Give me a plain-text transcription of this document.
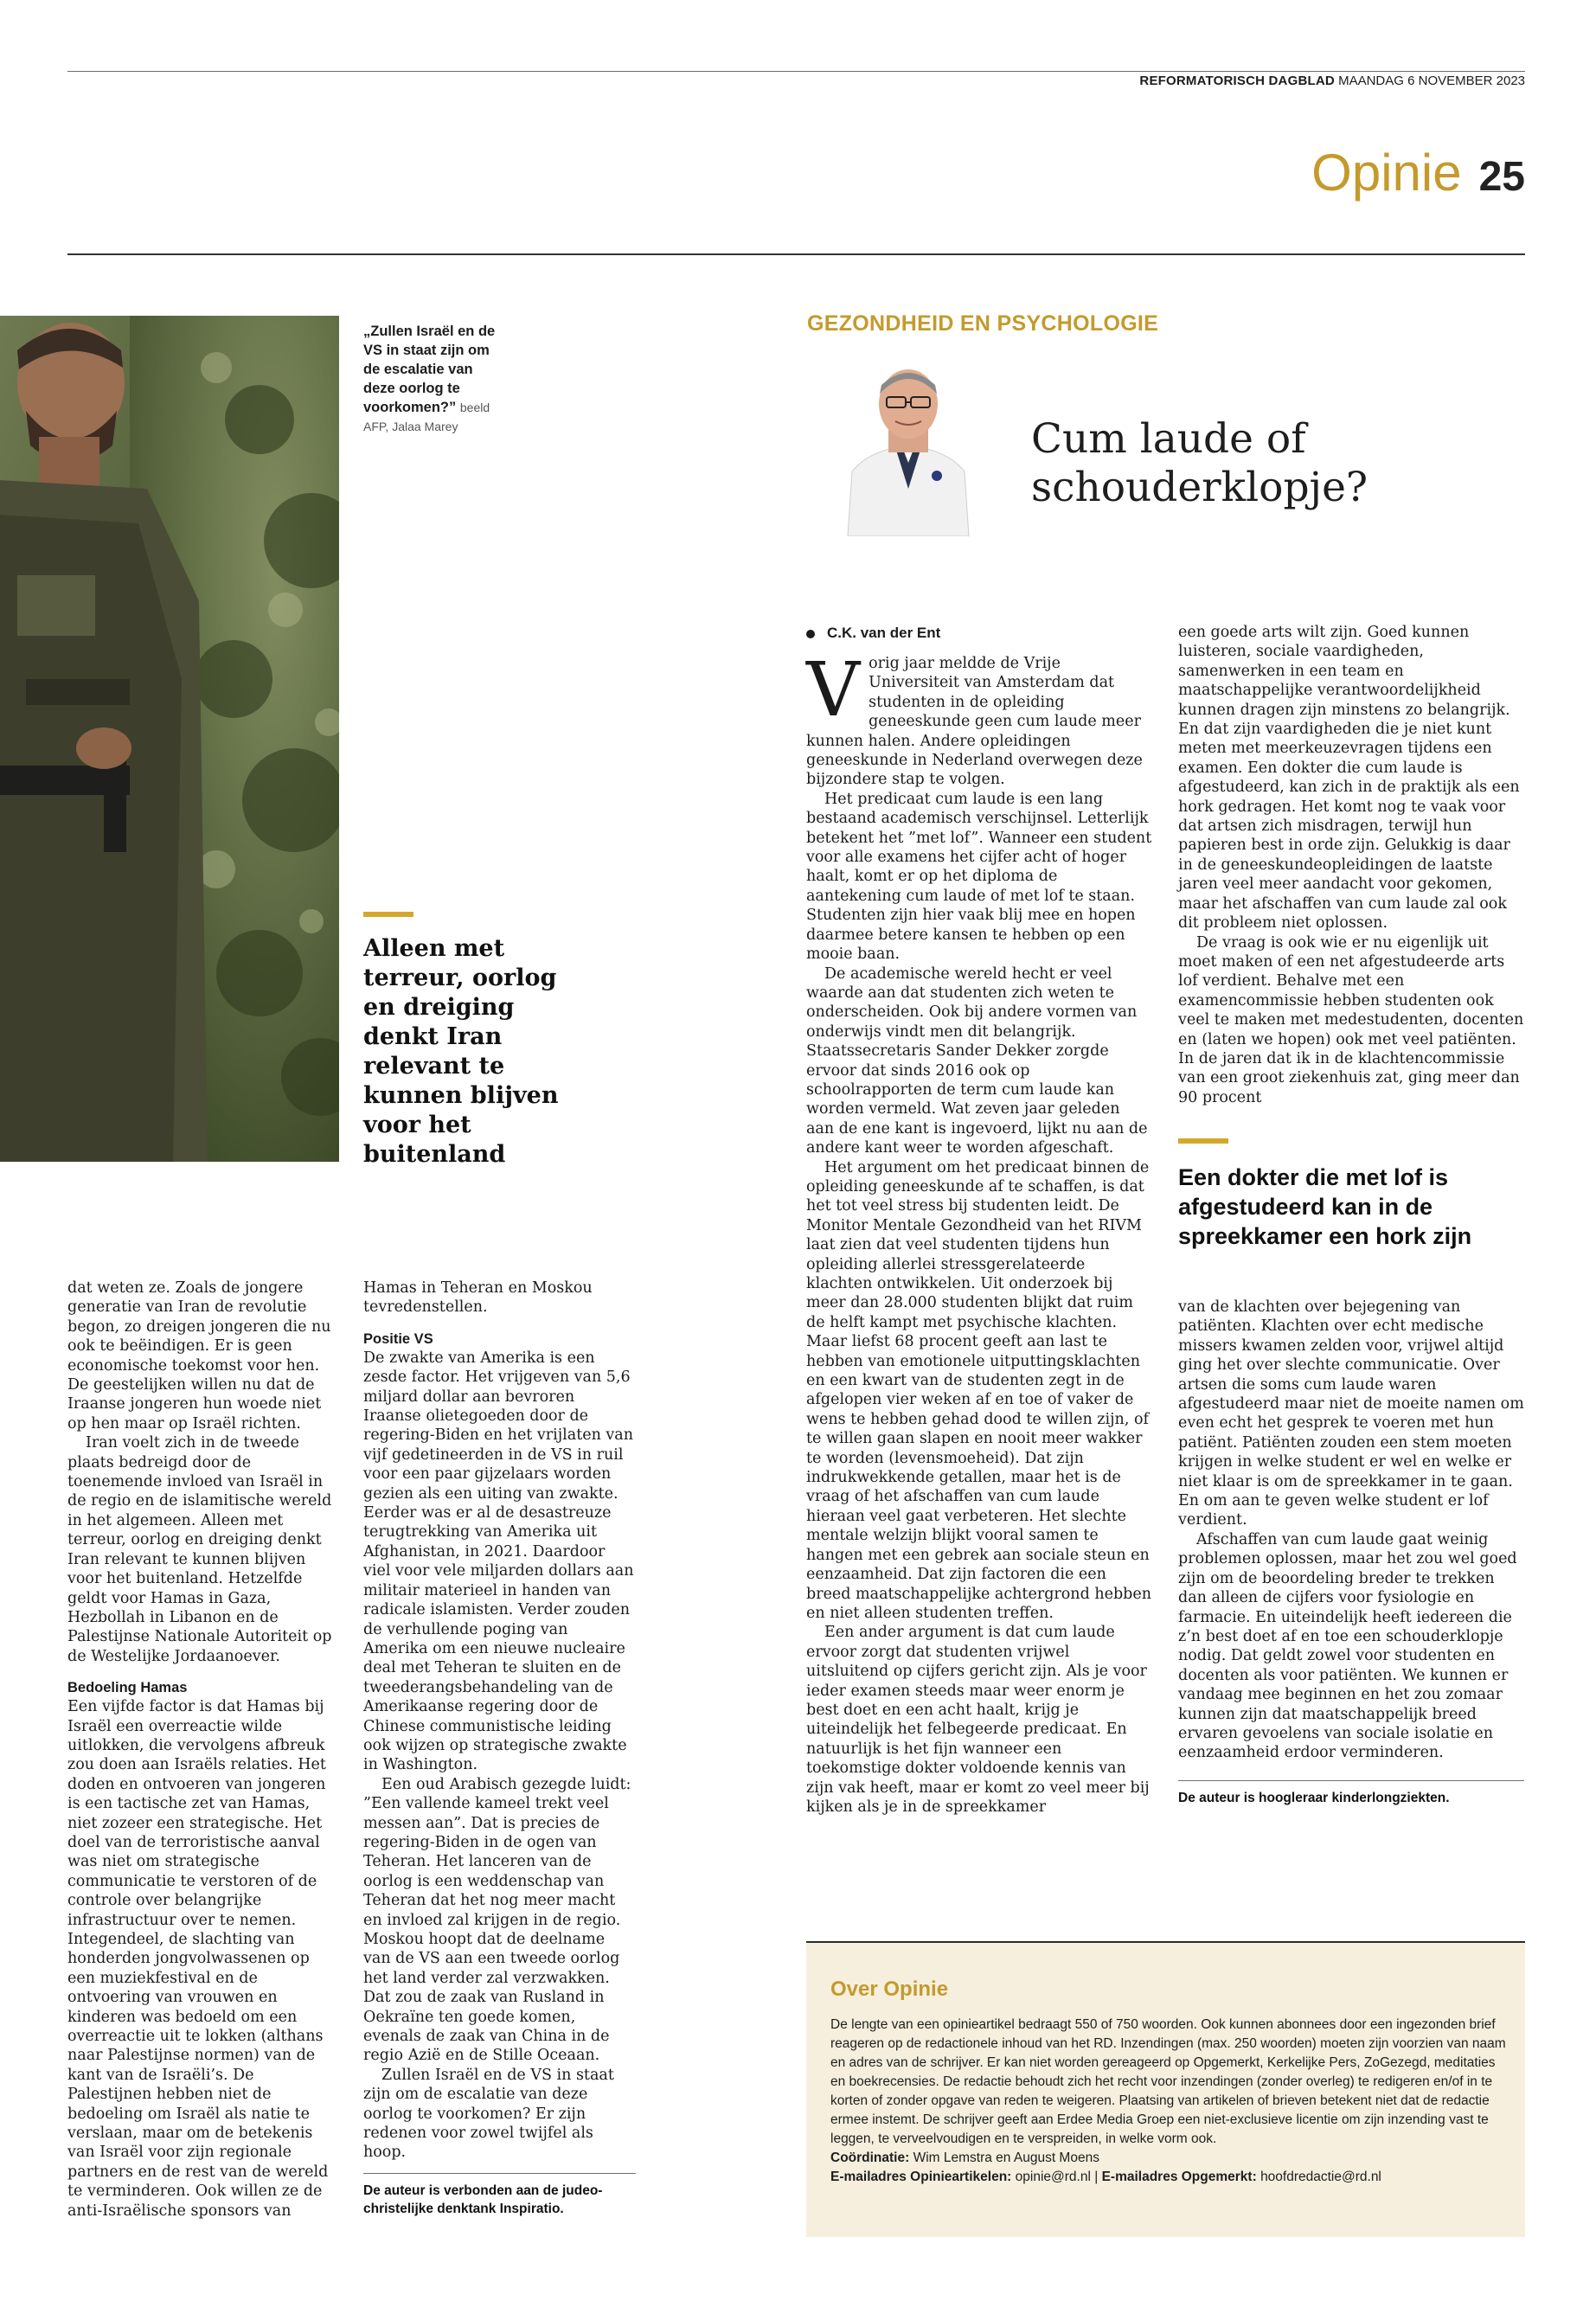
REFORMATORISCH DAGBLAD MAANDAG 6 NOVEMBER 2023
Opinie 25
„Zullen Israël en de VS in staat zijn om de escalatie van deze oorlog te voorkomen?” beeld AFP, Jalaa Marey
Alleen met terreur, oorlog en dreiging denkt Iran relevant te kunnen blijven voor het buitenland

dat weten ze. Zoals de jongere generatie van Iran de revolutie begon, zo dreigen jongeren die nu ook te beëindigen. Er is geen economische toekomst voor hen. De geestelijken willen nu dat de Iraanse jongeren hun woede niet op hen maar op Israël richten.

Iran voelt zich in de tweede plaats bedreigd door de toenemende invloed van Israël in de regio en de islamitische wereld in het algemeen. Alleen met terreur, oorlog en dreiging denkt Iran relevant te kunnen blijven voor het buitenland. Hetzelfde geldt voor Hamas in Gaza, Hezbollah in Libanon en de Palestijnse Nationale Autoriteit op de Westelijke Jordaanoever.

Bedoeling Hamas

Een vijfde factor is dat Hamas bij Israël een overreactie wilde uitlokken, die vervolgens afbreuk zou doen aan Israëls relaties. Het doden en ontvoeren van jongeren is een tactische zet van Hamas, niet zozeer een strategische. Het doel van de terroristische aanval was niet om strategische communicatie te verstoren of de controle over belangrijke infrastructuur over te nemen. Integendeel, de slachting van honderden jongvolwassenen op een muziekfestival en de ontvoering van vrouwen en kinderen was bedoeld om een overreactie uit te lokken (althans naar Palestijnse normen) van de kant van de Israëli’s. De Palestijnen hebben niet de bedoeling om Israël als natie te verslaan, maar om de betekenis van Israël voor zijn regionale partners en de rest van de wereld te verminderen. Ook willen ze de anti-Israëlische sponsors van

Hamas in Teheran en Moskou tevredenstellen.

Positie VS

De zwakte van Amerika is een zesde factor. Het vrijgeven van 5,6 miljard dollar aan bevroren Iraanse olietegoeden door de regering-Biden en het vrijlaten van vijf gedetineerden in de VS in ruil voor een paar gijzelaars worden gezien als een uiting van zwakte. Eerder was er al de desastreuze terugtrekking van Amerika uit Afghanistan, in 2021. Daardoor viel voor vele miljarden dollars aan militair materieel in handen van radicale islamisten. Verder zouden de verhullende poging van Amerika om een nieuwe nucleaire deal met Teheran te sluiten en de tweederangsbehandeling van de Amerikaanse regering door de Chinese communistische leiding ook wijzen op strategische zwakte in Washington.

Een oud Arabisch gezegde luidt: ”Een vallende kameel trekt veel messen aan”. Dat is precies de regering-Biden in de ogen van Teheran. Het lanceren van de oorlog is een weddenschap van Teheran dat het nog meer macht en invloed zal krijgen in de regio. Moskou hoopt dat de deelname van de VS aan een tweede oorlog het land verder zal verzwakken. Dat zou de zaak van Rusland in Oekraïne ten goede komen, evenals de zaak van China in de regio Azië en de Stille Oceaan.

Zullen Israël en de VS in staat zijn om de escalatie van deze oorlog te voorkomen? Er zijn redenen voor zowel twijfel als hoop.

De auteur is verbonden aan de judeo-christelijke denktank Inspiratio.
GEZONDHEID EN PSYCHOLOGIE
Cum laude of schouderklopje?
C.K. van der Ent

Vorig jaar meldde de Vrije Universiteit van Amsterdam dat studenten in de opleiding geneeskunde geen cum laude meer kunnen halen. Andere opleidingen geneeskunde in Nederland overwegen deze bijzondere stap te volgen.

Het predicaat cum laude is een lang bestaand academisch verschijnsel. Letterlijk betekent het ”met lof”. Wanneer een student voor alle examens het cijfer acht of hoger haalt, komt er op het diploma de aantekening cum laude of met lof te staan. Studenten zijn hier vaak blij mee en hopen daarmee betere kansen te hebben op een mooie baan.

De academische wereld hecht er veel waarde aan dat studenten zich weten te onderscheiden. Ook bij andere vormen van onderwijs vindt men dit belangrijk. Staatssecretaris Sander Dekker zorgde ervoor dat sinds 2016 ook op schoolrapporten de term cum laude kan worden vermeld. Wat zeven jaar geleden aan de ene kant is ingevoerd, lijkt nu aan de andere kant weer te worden afgeschaft.

Het argument om het predicaat binnen de opleiding geneeskunde af te schaffen, is dat het tot veel stress bij studenten leidt. De Monitor Mentale Gezondheid van het RIVM laat zien dat veel studenten tijdens hun opleiding allerlei stressgerelateerde klachten ontwikkelen. Uit onderzoek bij meer dan 28.000 studenten blijkt dat ruim de helft kampt met psychische klachten. Maar liefst 68 procent geeft aan last te hebben van emotionele uitputtingsklachten en een kwart van de studenten zegt in de afgelopen vier weken af en toe of vaker de wens te hebben gehad dood te willen zijn, of te willen gaan slapen en nooit meer wakker te worden (levensmoeheid). Dat zijn indrukwekkende getallen, maar het is de vraag of het afschaffen van cum laude hieraan veel gaat verbeteren. Het slechte mentale welzijn blijkt vooral samen te hangen met een gebrek aan sociale steun en eenzaamheid. Dat zijn factoren die een breed maatschappelijke achtergrond hebben en niet alleen studenten treffen.

Een ander argument is dat cum laude ervoor zorgt dat studenten vrijwel uitsluitend op cijfers gericht zijn. Als je voor ieder examen steeds maar weer enorm je best doet en een acht haalt, krijg je uiteindelijk het felbegeerde predicaat. En natuurlijk is het fijn wanneer een toekomstige dokter voldoende kennis van zijn vak heeft, maar er komt zo veel meer bij kijken als je in de spreekkamer

een goede arts wilt zijn. Goed kunnen luisteren, sociale vaardigheden, samenwerken in een team en maatschappelijke verantwoordelijkheid kunnen dragen zijn minstens zo belangrijk. En dat zijn vaardigheden die je niet kunt meten met meerkeuzevragen tijdens een examen. Een dokter die cum laude is afgestudeerd, kan zich in de praktijk als een hork gedragen. Het komt nog te vaak voor dat artsen zich misdragen, terwijl hun papieren best in orde zijn. Gelukkig is daar in de geneeskundeopleidingen de laatste jaren veel meer aandacht voor gekomen, maar het afschaffen van cum laude zal ook dit probleem niet oplossen.

De vraag is ook wie er nu eigenlijk uit moet maken of een net afgestudeerde arts lof verdient. Behalve met een examencommissie hebben studenten ook veel te maken met medestudenten, docenten en (laten we hopen) ook met veel patiënten. In de jaren dat ik in de klachtencommissie van een groot ziekenhuis zat, ging meer dan 90 procent

Een dokter die met lof is afgestudeerd kan in de spreekkamer een hork zijn

van de klachten over bejegening van patiënten. Klachten over echt medische missers kwamen zelden voor, vrijwel altijd ging het over slechte communicatie. Over artsen die soms cum laude waren afgestudeerd maar niet de moeite namen om even echt het gesprek te voeren met hun patiënt. Patiënten zouden een stem moeten krijgen in welke student er wel en welke er niet klaar is om de spreekkamer in te gaan. En om aan te geven welke student er lof verdient.

Afschaffen van cum laude gaat weinig problemen oplossen, maar het zou wel goed zijn om de beoordeling breder te trekken dan alleen de cijfers voor fysiologie en farmacie. En uiteindelijk heeft iedereen die z’n best doet af en toe een schouderklopje nodig. Dat geldt zowel voor studenten en docenten als voor patiënten. We kunnen er vandaag mee beginnen en het zou zomaar kunnen zijn dat maatschappelijk breed ervaren gevoelens van sociale isolatie en eenzaamheid erdoor verminderen.

De auteur is hoogleraar kinderlongziekten.
Over Opinie
De lengte van een opinieartikel bedraagt 550 of 750 woorden. Ook kunnen abonnees door een ingezonden brief reageren op de redactionele inhoud van het RD. Inzendingen (max. 250 woorden) moeten zijn voorzien van naam en adres van de schrijver. Er kan niet worden gereageerd op Opgemerkt, Kerkelijke Pers, ZoGezegd, meditaties en boekrecensies. De redactie behoudt zich het recht voor inzendingen (zonder overleg) te redigeren en/of in te korten of zonder opgave van reden te weigeren. Plaatsing van artikelen of brieven betekent niet dat de redactie ermee instemt. De schrijver geeft aan Erdee Media Groep een niet-exclusieve licentie om zijn inzending vast te leggen, te verveelvoudigen en te verspreiden, in welke vorm ook.
Coördinatie: Wim Lemstra en August Moens
E-mailadres Opinieartikelen: opinie@rd.nl | E-mailadres Opgemerkt: hoofdredactie@rd.nl
